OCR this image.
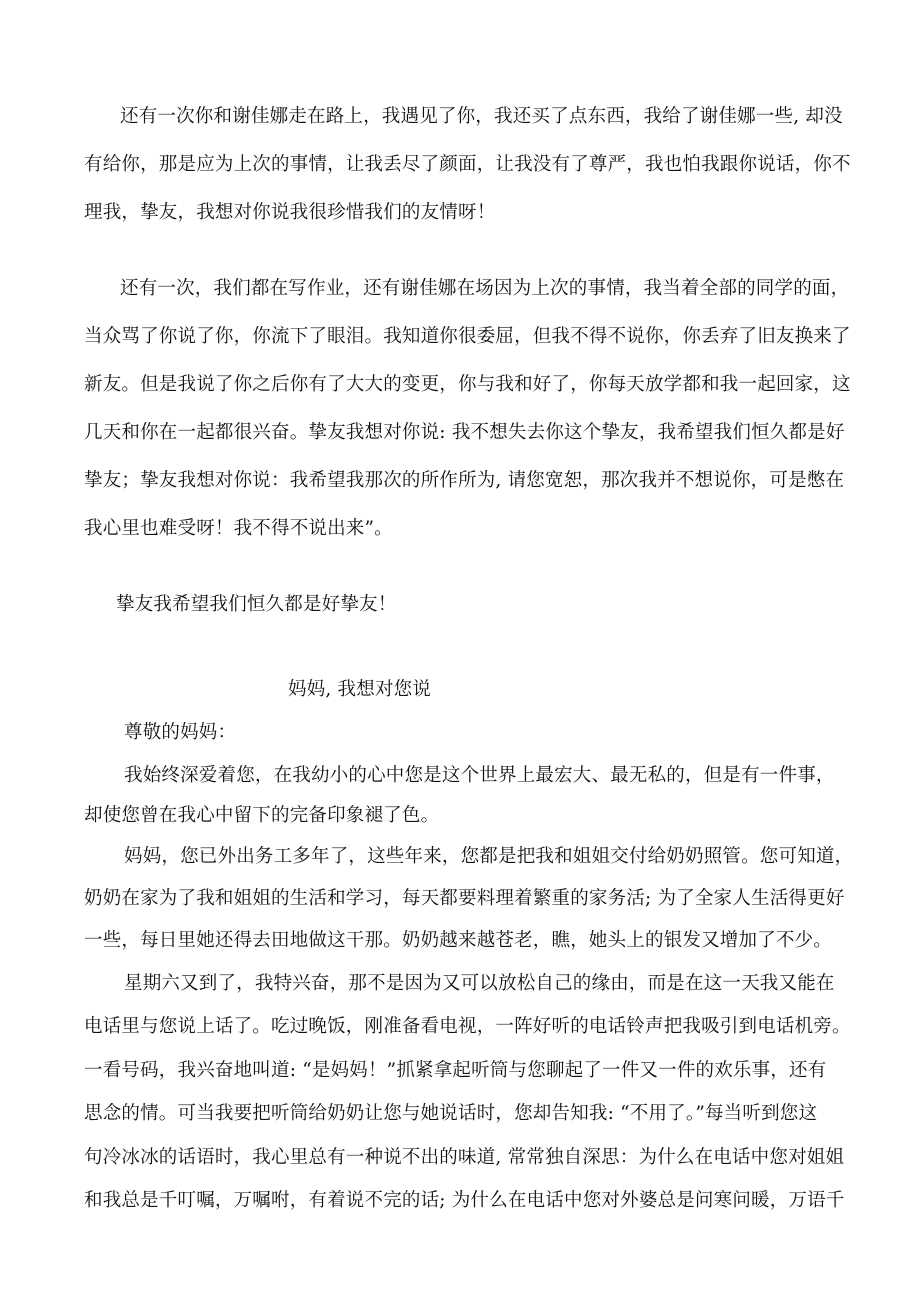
还有一次你和谢佳娜走在路上，我遇见了你，我还买了点东西，我给了谢佳娜一些, 却没
有给你，那是应为上次的事情，让我丢尽了颜面，让我没有了尊严，我也怕我跟你说话，你不
理我，挚友，我想对你说我很珍惜我们的友情呀！
还有一次，我们都在写作业，还有谢佳娜在场因为上次的事情，我当着全部的同学的面，
当众骂了你说了你，你流下了眼泪。我知道你很委屈，但我不得不说你，你丢弃了旧友换来了
新友。但是我说了你之后你有了大大的变更，你与我和好了，你每天放学都和我一起回家，这
几天和你在一起都很兴奋。挚友我想对你说: 我不想失去你这个挚友，我希望我们恒久都是好
挚友；挚友我想对你说：我希望我那次的所作所为, 请您宽恕，那次我并不想说你，可是憋在
我心里也难受呀！我不得不说出来”。
挚友我希望我们恒久都是好挚友！
妈妈, 我想对您说
尊敬的妈妈：
我始终深爱着您，在我幼小的心中您是这个世界上最宏大、最无私的，但是有一件事，
却使您曾在我心中留下的完备印象褪了色。
妈妈，您已外出务工多年了，这些年来，您都是把我和姐姐交付给奶奶照管。您可知道，
奶奶在家为了我和姐姐的生活和学习，每天都要料理着繁重的家务活; 为了全家人生活得更好
一些，每日里她还得去田地做这干那。奶奶越来越苍老，瞧，她头上的银发又增加了不少。
星期六又到了，我特兴奋，那不是因为又可以放松自己的缘由，而是在这一天我又能在
电话里与您说上话了。吃过晚饭，刚准备看电视，一阵好听的电话铃声把我吸引到电话机旁。
一看号码，我兴奋地叫道: “是妈妈！”抓紧拿起听筒与您聊起了一件又一件的欢乐事，还有
思念的情。可当我要把听筒给奶奶让您与她说话时，您却告知我: “不用了。”每当听到您这
句冷冰冰的话语时，我心里总有一种说不出的味道, 常常独自深思：为什么在电话中您对姐姐
和我总是千叮嘱，万嘱咐，有着说不完的话; 为什么在电话中您对外婆总是问寒问暖，万语千
